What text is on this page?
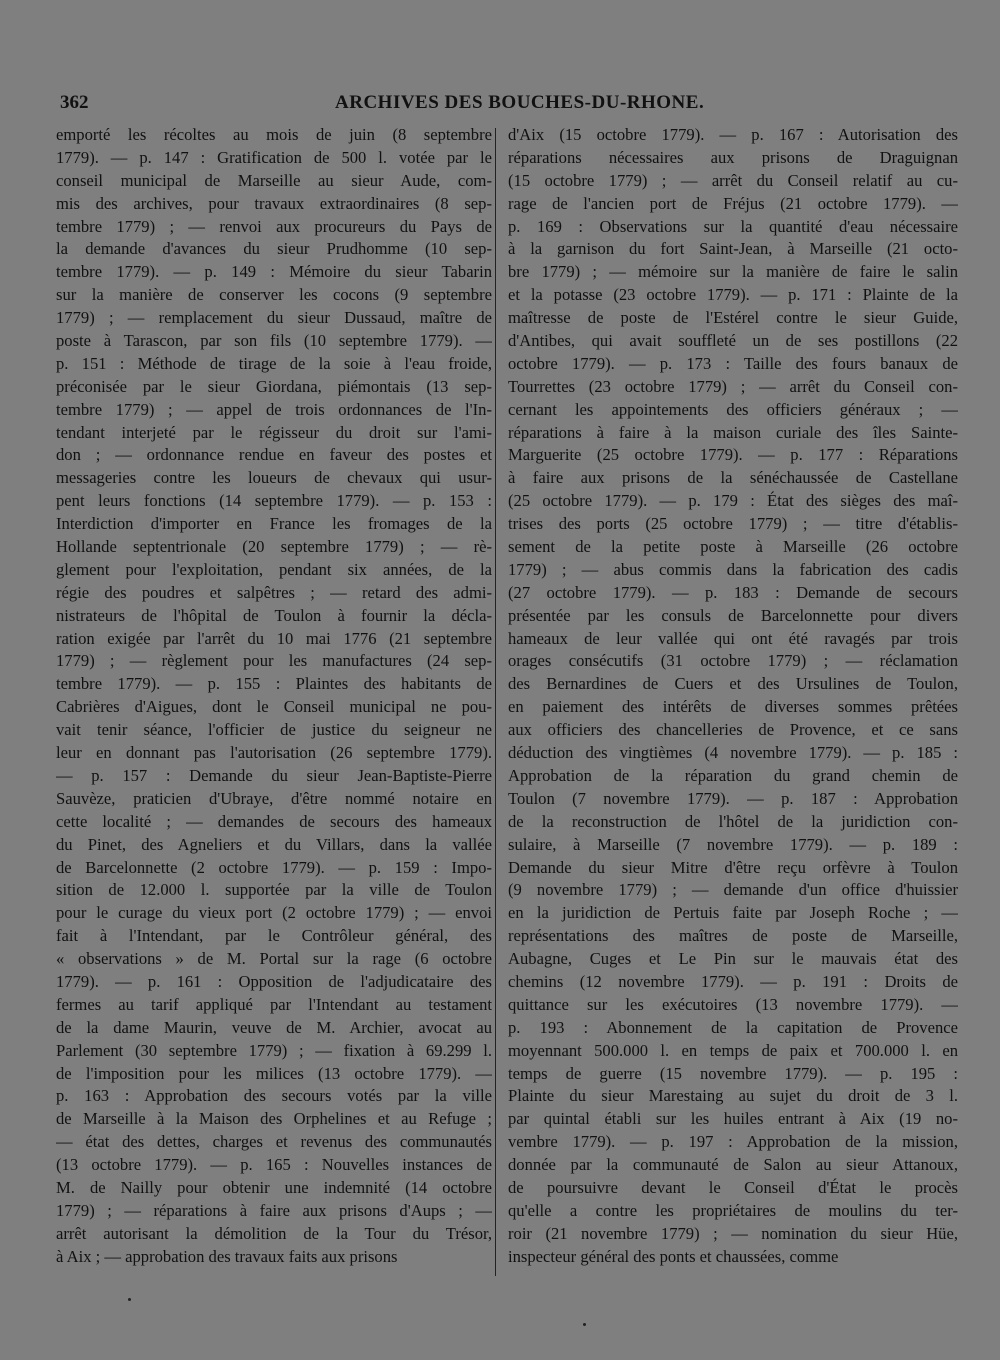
362	ARCHIVES DES BOUCHES-DU-RHONE.
emporté les récoltes au mois de juin (8 septembre
1779). — p. 147 : Gratification de 500 l. votée par le
conseil municipal de Marseille au sieur Aude, com-
mis des archives, pour travaux extraordinaires (8 sep-
tembre 1779) ; — renvoi aux procureurs du Pays de
la demande d'avances du sieur Prudhomme (10 sep-
tembre 1779). — p. 149 : Mémoire du sieur Tabarin
sur la manière de conserver les cocons (9 septembre
1779) ; — remplacement du sieur Dussaud, maître de
poste à Tarascon, par son fils (10 septembre 1779). —
p. 151 : Méthode de tirage de la soie à l'eau froide,
préconisée par le sieur Giordana, piémontais (13 sep-
tembre 1779) ; — appel de trois ordonnances de l'In-
tendant interjeté par le régisseur du droit sur l'ami-
don ; — ordonnance rendue en faveur des postes et
messageries contre les loueurs de chevaux qui usur-
pent leurs fonctions (14 septembre 1779). — p. 153 :
Interdiction d'importer en France les fromages de la
Hollande septentrionale (20 septembre 1779) ; — rè-
glement pour l'exploitation, pendant six années, de la
régie des poudres et salpêtres ; — retard des admi-
nistrateurs de l'hôpital de Toulon à fournir la décla-
ration exigée par l'arrêt du 10 mai 1776 (21 septembre
1779) ; — règlement pour les manufactures (24 sep-
tembre 1779). — p. 155 : Plaintes des habitants de
Cabrières d'Aigues, dont le Conseil municipal ne pou-
vait tenir séance, l'officier de justice du seigneur ne
leur en donnant pas l'autorisation (26 septembre 1779).
— p. 157 : Demande du sieur Jean-Baptiste-Pierre
Sauvèze, praticien d'Ubraye, d'être nommé notaire en
cette localité ; — demandes de secours des hameaux
du Pinet, des Agneliers et du Villars, dans la vallée
de Barcelonnette (2 octobre 1779). — p. 159 : Impo-
sition de 12.000 l. supportée par la ville de Toulon
pour le curage du vieux port (2 octobre 1779) ; — envoi
fait à l'Intendant, par le Contrôleur général, des
« observations » de M. Portal sur la rage (6 octobre
1779). — p. 161 : Opposition de l'adjudicataire des
fermes au tarif appliqué par l'Intendant au testament
de la dame Maurin, veuve de M. Archier, avocat au
Parlement (30 septembre 1779) ; — fixation à 69.299 l.
de l'imposition pour les milices (13 octobre 1779). —
p. 163 : Approbation des secours votés par la ville
de Marseille à la Maison des Orphelines et au Refuge ;
— état des dettes, charges et revenus des communautés
(13 octobre 1779). — p. 165 : Nouvelles instances de
M. de Nailly pour obtenir une indemnité (14 octobre
1779) ; — réparations à faire aux prisons d'Aups ; —
arrêt autorisant la démolition de la Tour du Trésor,
à Aix ; — approbation des travaux faits aux prisons
d'Aix (15 octobre 1779). — p. 167 : Autorisation des
réparations nécessaires aux prisons de Draguignan
(15 octobre 1779) ; — arrêt du Conseil relatif au cu-
rage de l'ancien port de Fréjus (21 octobre 1779). —
p. 169 : Observations sur la quantité d'eau nécessaire
à la garnison du fort Saint-Jean, à Marseille (21 octo-
bre 1779) ; — mémoire sur la manière de faire le salin
et la potasse (23 octobre 1779). — p. 171 : Plainte de la
maîtresse de poste de l'Estérel contre le sieur Guide,
d'Antibes, qui avait souffleté un de ses postillons (22
octobre 1779). — p. 173 : Taille des fours banaux de
Tourrettes (23 octobre 1779) ; — arrêt du Conseil con-
cernant les appointements des officiers généraux ; —
réparations à faire à la maison curiale des îles Sainte-
Marguerite (25 octobre 1779). — p. 177 : Réparations
à faire aux prisons de la sénéchaussée de Castellane
(25 octobre 1779). — p. 179 : État des sièges des maî-
trises des ports (25 octobre 1779) ; — titre d'établis-
sement de la petite poste à Marseille (26 octobre
1779) ; — abus commis dans la fabrication des cadis
(27 octobre 1779). — p. 183 : Demande de secours
présentée par les consuls de Barcelonnette pour divers
hameaux de leur vallée qui ont été ravagés par trois
orages consécutifs (31 octobre 1779) ; — réclamation
des Bernardines de Cuers et des Ursulines de Toulon,
en paiement des intérêts de diverses sommes prêtées
aux officiers des chancelleries de Provence, et ce sans
déduction des vingtièmes (4 novembre 1779). — p. 185 :
Approbation de la réparation du grand chemin de
Toulon (7 novembre 1779). — p. 187 : Approbation
de la reconstruction de l'hôtel de la juridiction con-
sulaire, à Marseille (7 novembre 1779). — p. 189 :
Demande du sieur Mitre d'être reçu orfèvre à Toulon
(9 novembre 1779) ; — demande d'un office d'huissier
en la juridiction de Pertuis faite par Joseph Roche ; —
représentations des maîtres de poste de Marseille,
Aubagne, Cuges et Le Pin sur le mauvais état des
chemins (12 novembre 1779). — p. 191 : Droits de
quittance sur les exécutoires (13 novembre 1779). —
p. 193 : Abonnement de la capitation de Provence
moyennant 500.000 l. en temps de paix et 700.000 l. en
temps de guerre (15 novembre 1779). — p. 195 :
Plainte du sieur Marestaing au sujet du droit de 3 l.
par quintal établi sur les huiles entrant à Aix (19 no-
vembre 1779). — p. 197 : Approbation de la mission,
donnée par la communauté de Salon au sieur Attanoux,
de poursuivre devant le Conseil d'État le procès
qu'elle a contre les propriétaires de moulins du ter-
roir (21 novembre 1779) ; — nomination du sieur Hüe,
inspecteur général des ponts et chaussées, comme
